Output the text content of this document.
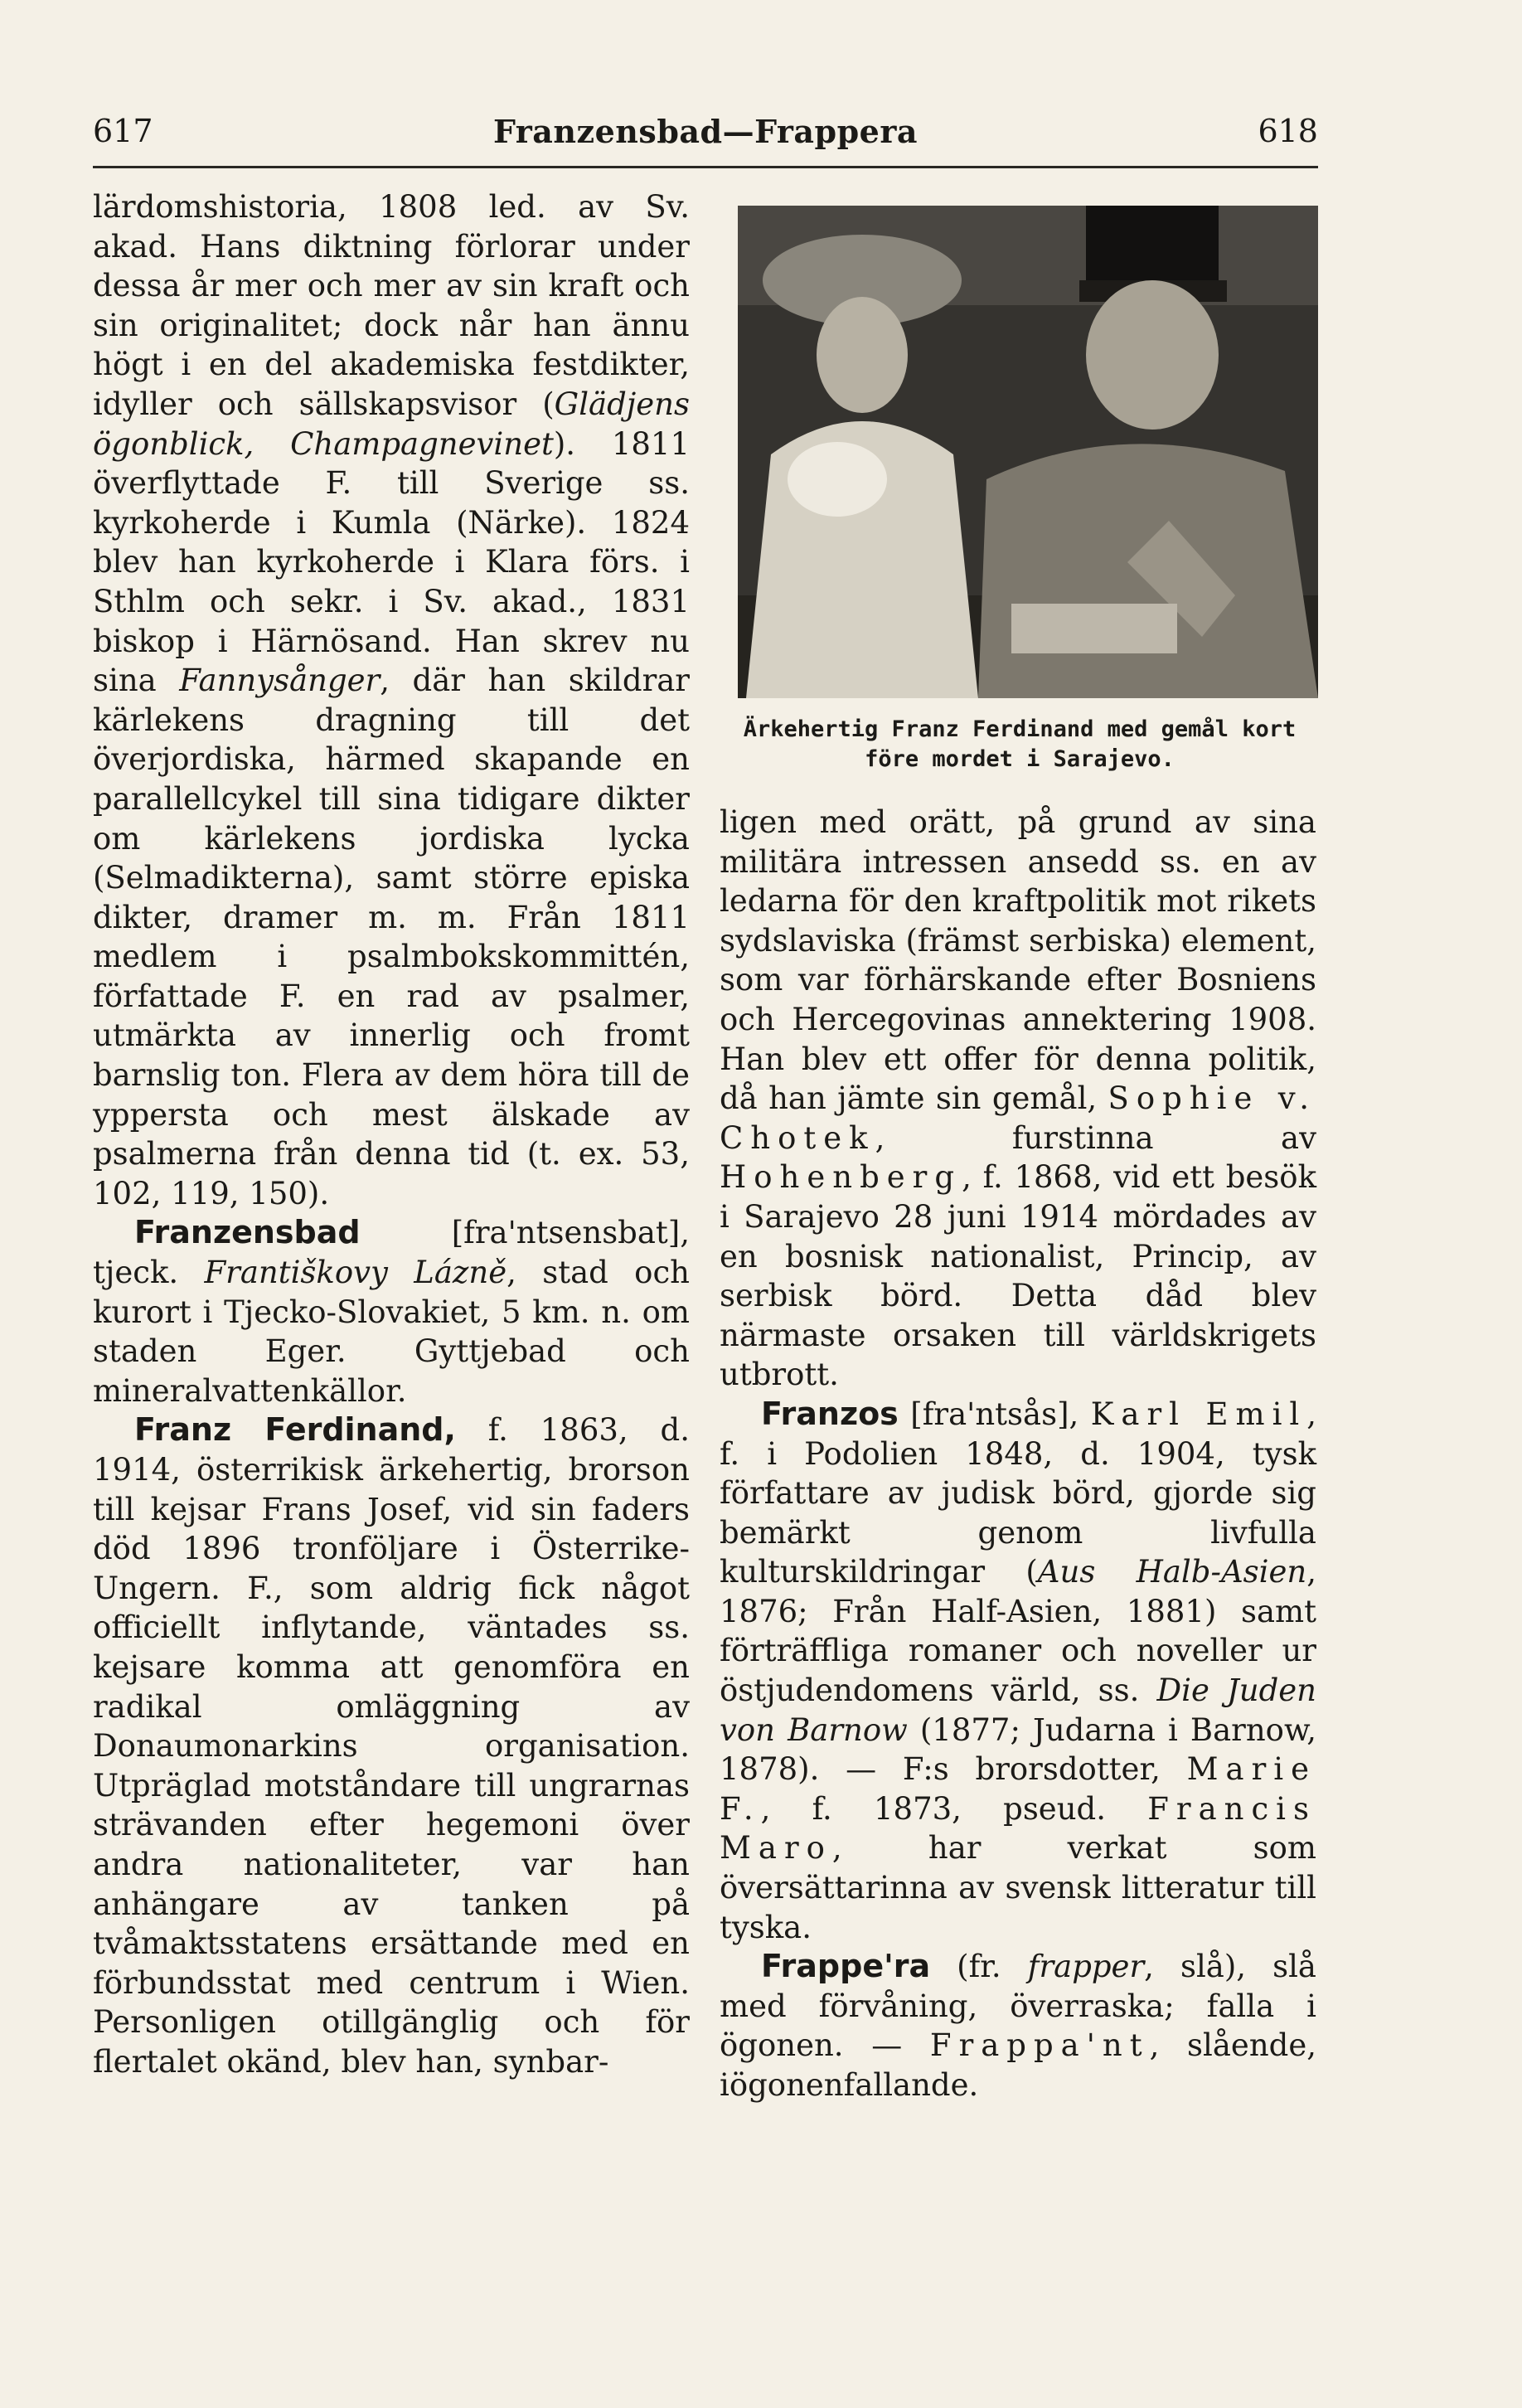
617	Franzensbad—Frappera	618

lärdomshistoria, 1808 led. av Sv. akad. Hans diktning förlorar under dessa år mer och mer av sin kraft och sin originalitet; dock når han ännu högt i en del akademiska festdikter, idyller och sällskapsvisor (Glädjens ögonblick, Champagnevinet). 1811 överflyttade F. till Sverige ss. kyrkoherde i Kumla (Närke). 1824 blev han kyrkoherde i Klara förs. i Sthlm och sekr. i Sv. akad., 1831 biskop i Härnösand. Han skrev nu sina Fannysånger, där han skildrar kärlekens dragning till det överjordiska, härmed skapande en parallellcykel till sina tidigare dikter om kärlekens jordiska lycka (Selmadikterna), samt större episka dikter, dramer m. m. Från 1811 medlem i psalmbokskommittén, författade F. en rad av psalmer, utmärkta av innerlig och fromt barnslig ton. Flera av dem höra till de yppersta och mest älskade av psalmerna från denna tid (t. ex. 53, 102, 119, 150).

Franzensbad [fra'ntsensbat], tjeck. Františkovy Lázně, stad och kurort i Tjecko-Slovakiet, 5 km. n. om staden Eger. Gyttjebad och mineralvattenkällor.

Franz Ferdinand, f. 1863, d. 1914, österrikisk ärkehertig, brorson till kejsar Frans Josef, vid sin faders död 1896 tronföljare i Österrike-Ungern. F., som aldrig fick något officiellt inflytande, väntades ss. kejsare komma att genomföra en radikal omläggning av Donaumonarkins organisation. Utpräglad motståndare till ungrarnas strävanden efter hegemoni över andra nationaliteter, var han anhängare av tanken på tvåmaktsstatens ersättande med en förbundsstat med centrum i Wien. Personligen otillgänglig och för flertalet okänd, blev han, synbar-

Ärkehertig Franz Ferdinand med gemål kort före mordet i Sarajevo.

ligen med orätt, på grund av sina militära intressen ansedd ss. en av ledarna för den kraftpolitik mot rikets sydslaviska (främst serbiska) element, som var förhärskande efter Bosniens och Hercegovinas annektering 1908. Han blev ett offer för denna politik, då han jämte sin gemål, Sophie v. Chotek, furstinna av Hohenberg, f. 1868, vid ett besök i Sarajevo 28 juni 1914 mördades av en bosnisk nationalist, Princip, av serbisk börd. Detta dåd blev närmaste orsaken till världskrigets utbrott.

Franzos [fra'ntsås], Karl Emil, f. i Podolien 1848, d. 1904, tysk författare av judisk börd, gjorde sig bemärkt genom livfulla kulturskildringar (Aus Halb-Asien, 1876; Från Half-Asien, 1881) samt förträffliga romaner och noveller ur östjudendomens värld, ss. Die Juden von Barnow (1877; Judarna i Barnow, 1878). — F:s brorsdotter, Marie F., f. 1873, pseud. Francis Maro, har verkat som översättarinna av svensk litteratur till tyska.

Frappe'ra (fr. frapper, slå), slå med förvåning, överraska; falla i ögonen. — Frappa'nt, slående, iögonenfallande.
